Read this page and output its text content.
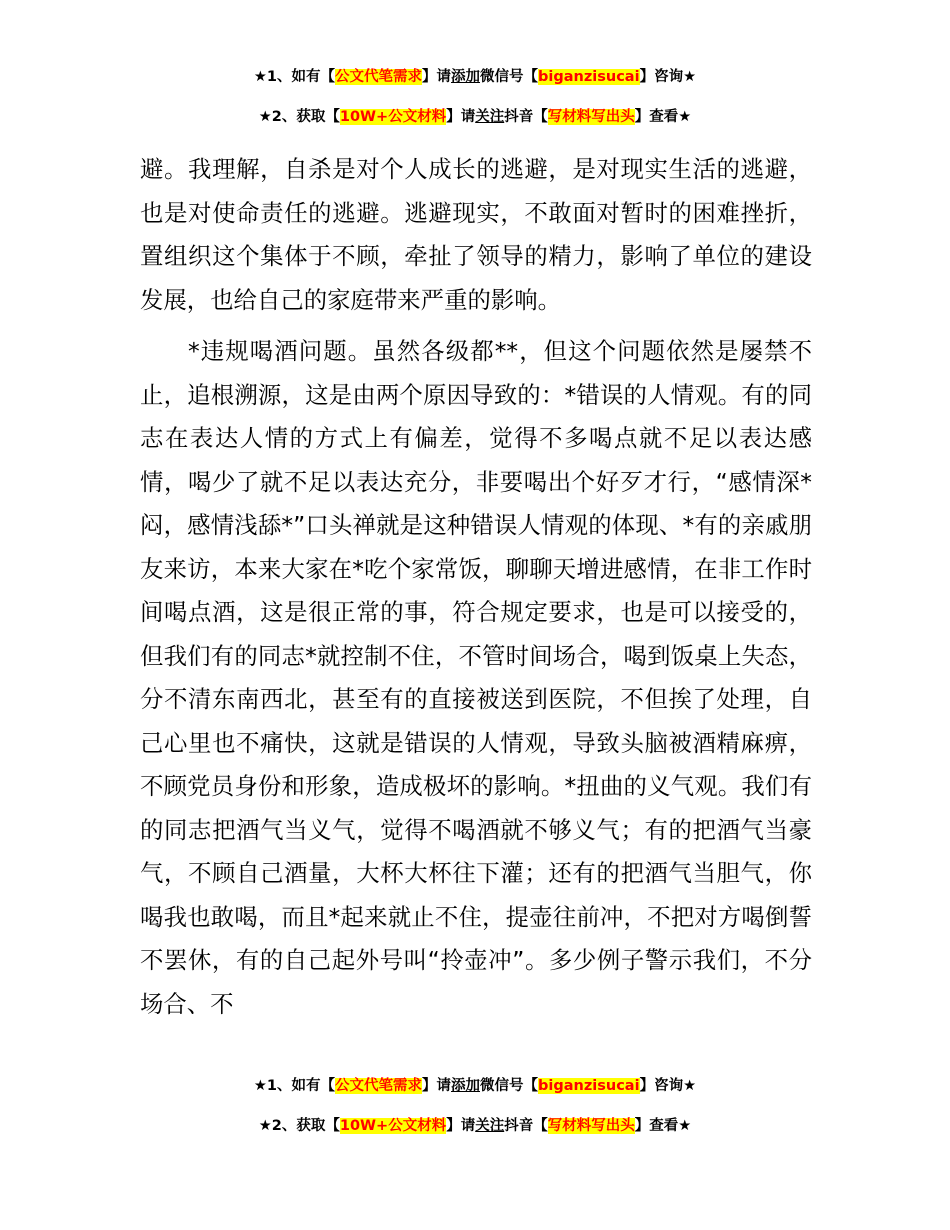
★1、如有【公文代笔需求】请添加微信号【biganzisucai】咨询★
★2、获取【10W+公文材料】请关注抖音【写材料写出头】查看★

避。我理解，自杀是对个人成长的逃避，是对现实生活的逃避，也是对使命责任的逃避。逃避现实，不敢面对暂时的困难挫折，置组织这个集体于不顾，牵扯了领导的精力，影响了单位的建设发展，也给自己的家庭带来严重的影响。

*违规喝酒问题。虽然各级都**，但这个问题依然是屡禁不止，追根溯源，这是由两个原因导致的：*错误的人情观。有的同志在表达人情的方式上有偏差，觉得不多喝点就不足以表达感情，喝少了就不足以表达充分，非要喝出个好歹才行，“感情深*闷，感情浅舔*”口头禅就是这种错误人情观的体现、*有的亲戚朋友来访，本来大家在*吃个家常饭，聊聊天增进感情，在非工作时间喝点酒，这是很正常的事，符合规定要求，也是可以接受的，但我们有的同志*就控制不住，不管时间场合，喝到饭桌上失态，分不清东南西北，甚至有的直接被送到医院，不但挨了处理，自己心里也不痛快，这就是错误的人情观，导致头脑被酒精麻痹，不顾党员身份和形象，造成极坏的影响。*扭曲的义气观。我们有的同志把酒气当义气，觉得不喝酒就不够义气；有的把酒气当豪气，不顾自己酒量，大杯大杯往下灌；还有的把酒气当胆气，你喝我也敢喝，而且*起来就止不住，提壶往前冲，不把对方喝倒誓不罢休，有的自己起外号叫“拎壶冲”。多少例子警示我们，不分场合、不

★1、如有【公文代笔需求】请添加微信号【biganzisucai】咨询★
★2、获取【10W+公文材料】请关注抖音【写材料写出头】查看★
